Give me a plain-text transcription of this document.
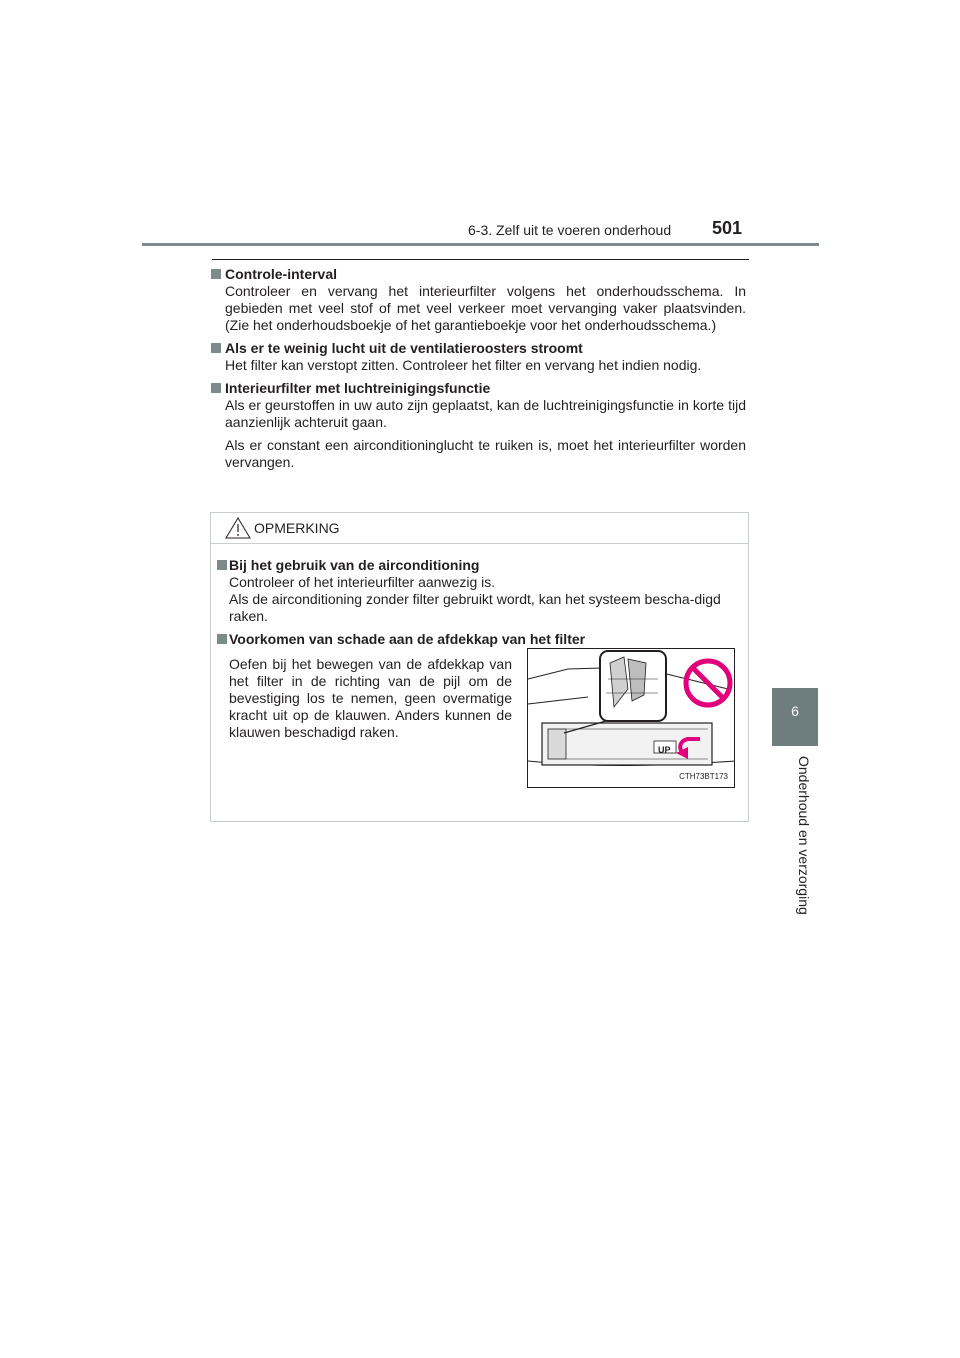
6-3. Zelf uit te voeren onderhoud 501
6
Onderhoud en verzorging
Controle-interval
Controleer en vervang het interieurfilter volgens het onderhoudsschema. In gebieden met veel stof of met veel verkeer moet vervanging vaker plaatsvinden. (Zie het onderhoudsboekje of het garantieboekje voor het onderhoudsschema.)
Als er te weinig lucht uit de ventilatieroosters stroomt
Het filter kan verstopt zitten. Controleer het filter en vervang het indien nodig.
Interieurfilter met luchtreinigingsfunctie
Als er geurstoffen in uw auto zijn geplaatst, kan de luchtreinigingsfunctie in korte tijd aanzienlijk achteruit gaan.
Als er constant een airconditioninglucht te ruiken is, moet het interieurfilter worden vervangen.
OPMERKING
Bij het gebruik van de airconditioning
Controleer of het interieurfilter aanwezig is.
Als de airconditioning zonder filter gebruikt wordt, kan het systeem bescha-digd raken.
Voorkomen van schade aan de afdekkap van het filter
Oefen bij het bewegen van de afdekkap van het filter in de richting van de pijl om de bevestiging los te nemen, geen overmatige kracht uit op de klauwen. Anders kunnen de klauwen beschadigd raken.
UP
CTH73BT173
